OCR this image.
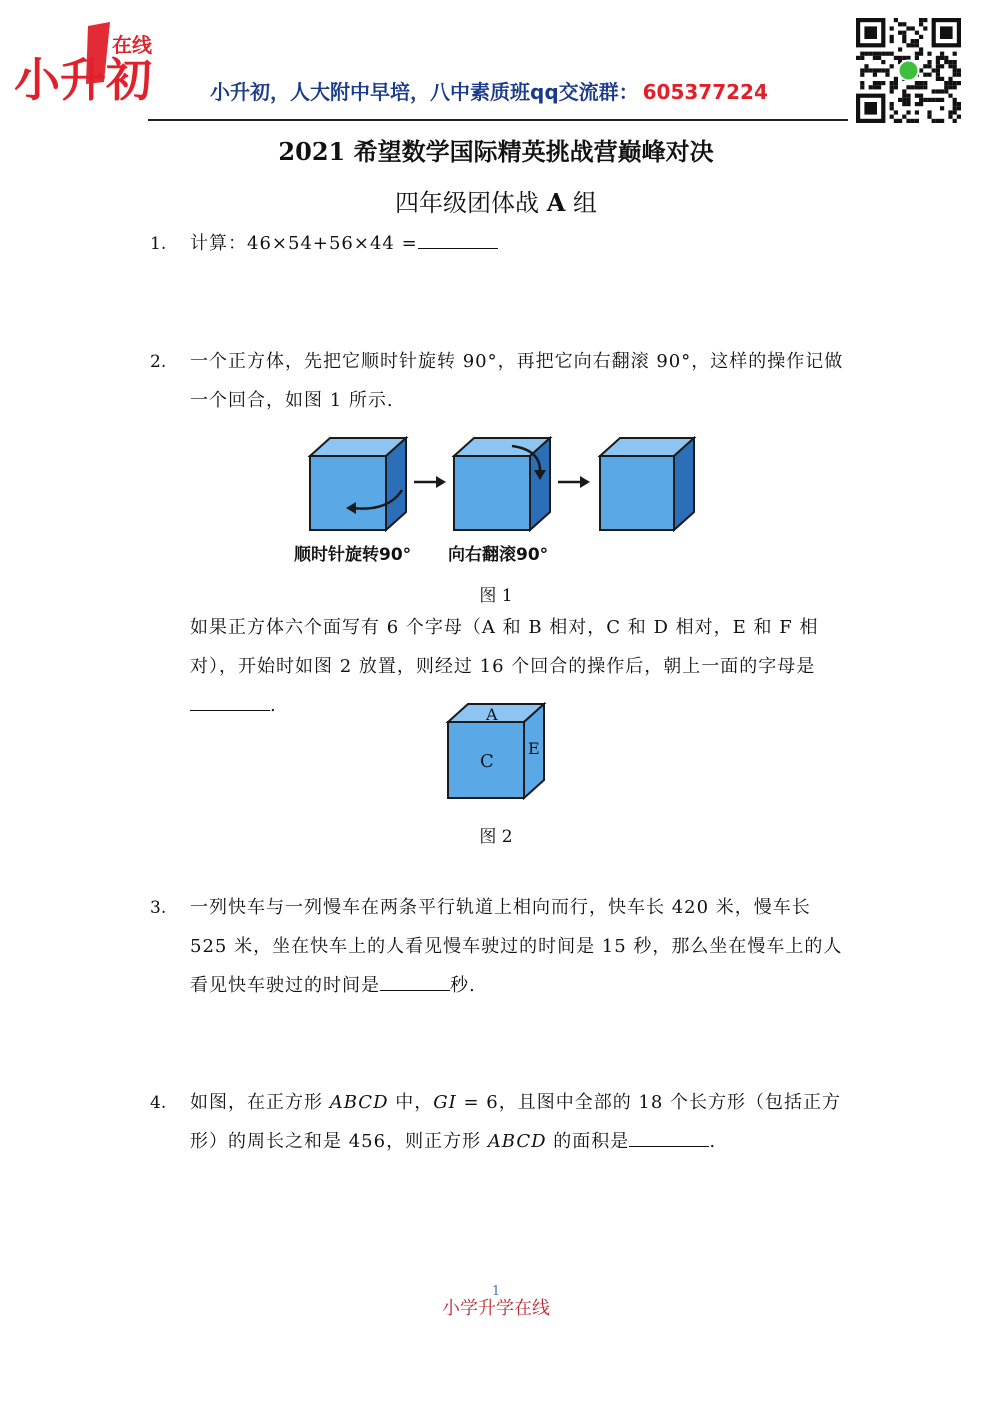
小升初
在线
小升初，人大附中早培，八中素质班qq交流群： 605377224
2021 希望数学国际精英挑战营巅峰对决
四年级团体战 A 组
1. 计算：46×54+56×44 =
2. 一个正方体，先把它顺时针旋转 90°，再把它向右翻滚 90°，这样的操作记做一个回合，如图 1 所示.
顺时针旋转90° 向右翻滚90°
图 1
如果正方体六个面写有 6 个字母（A 和 B 相对，C 和 D 相对，E 和 F 相对），开始时如图 2 放置，则经过 16 个回合的操作后，朝上一面的字母是.	A
C
E
图 2
3. 一列快车与一列慢车在两条平行轨道上相向而行，快车长 420 米，慢车长 525 米，坐在快车上的人看见慢车驶过的时间是 15 秒，那么坐在慢车上的人看见快车驶过的时间是	秒.
4. 如图，在正方形 ABCD 中，GI = 6，且图中全部的 18 个长方形（包括正方形）的周长之和是 456，则正方形 ABCD 的面积是	.
1
小学升学在线
